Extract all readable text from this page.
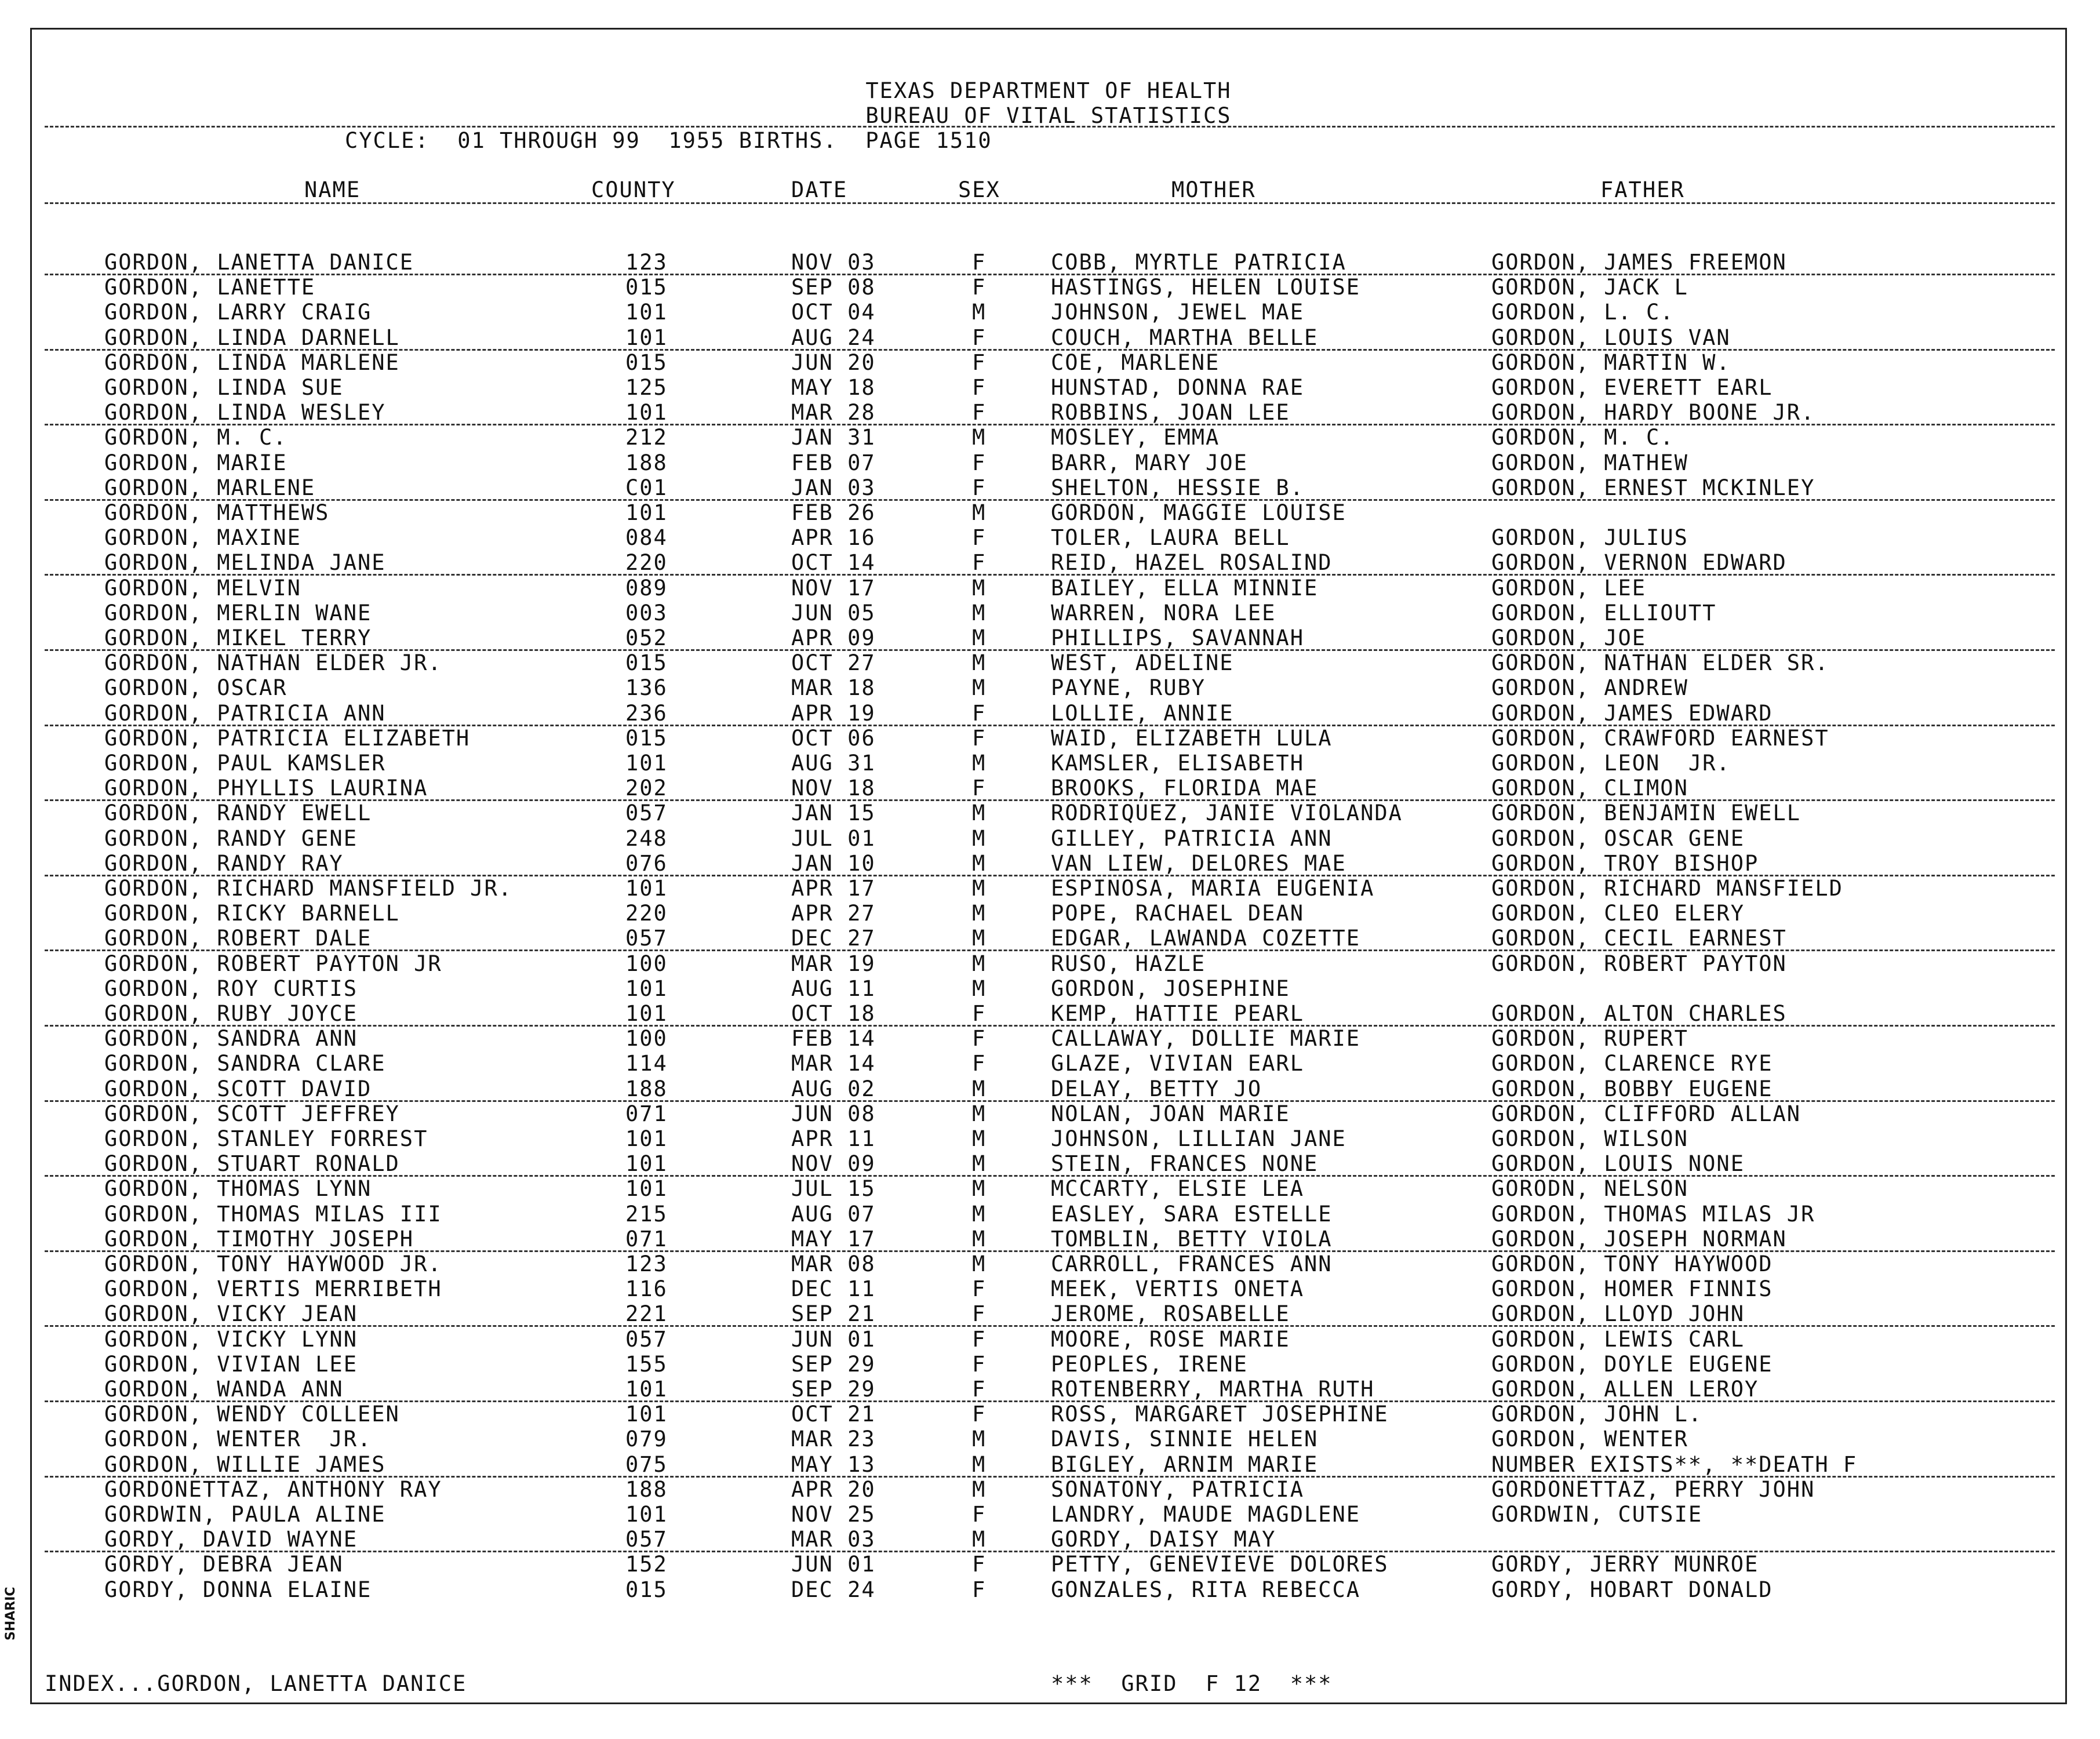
TEXAS DEPARTMENT OF HEALTH
BUREAU OF VITAL STATISTICS
CYCLE:  01 THROUGH 99  1955 BIRTHS.  PAGE 1510
NAME	COUNTY	DATE	SEX	MOTHER	FATHER
GORDON, LANETTA DANICE	123	NOV 03	F	COBB, MYRTLE PATRICIA	GORDON, JAMES FREEMON
GORDON, LANETTE	015	SEP 08	F	HASTINGS, HELEN LOUISE	GORDON, JACK L
GORDON, LARRY CRAIG	101	OCT 04	M	JOHNSON, JEWEL MAE	GORDON, L. C.
GORDON, LINDA DARNELL	101	AUG 24	F	COUCH, MARTHA BELLE	GORDON, LOUIS VAN
GORDON, LINDA MARLENE	015	JUN 20	F	COE, MARLENE	GORDON, MARTIN W.
GORDON, LINDA SUE	125	MAY 18	F	HUNSTAD, DONNA RAE	GORDON, EVERETT EARL
GORDON, LINDA WESLEY	101	MAR 28	F	ROBBINS, JOAN LEE	GORDON, HARDY BOONE JR.
GORDON, M. C.	212	JAN 31	M	MOSLEY, EMMA	GORDON, M. C.
GORDON, MARIE	188	FEB 07	F	BARR, MARY JOE	GORDON, MATHEW
GORDON, MARLENE	C01	JAN 03	F	SHELTON, HESSIE B.	GORDON, ERNEST MCKINLEY
GORDON, MATTHEWS	101	FEB 26	M	GORDON, MAGGIE LOUISE
GORDON, MAXINE	084	APR 16	F	TOLER, LAURA BELL	GORDON, JULIUS
GORDON, MELINDA JANE	220	OCT 14	F	REID, HAZEL ROSALIND	GORDON, VERNON EDWARD
GORDON, MELVIN	089	NOV 17	M	BAILEY, ELLA MINNIE	GORDON, LEE
GORDON, MERLIN WANE	003	JUN 05	M	WARREN, NORA LEE	GORDON, ELLIOUTT
GORDON, MIKEL TERRY	052	APR 09	M	PHILLIPS, SAVANNAH	GORDON, JOE
GORDON, NATHAN ELDER JR.	015	OCT 27	M	WEST, ADELINE	GORDON, NATHAN ELDER SR.
GORDON, OSCAR	136	MAR 18	M	PAYNE, RUBY	GORDON, ANDREW
GORDON, PATRICIA ANN	236	APR 19	F	LOLLIE, ANNIE	GORDON, JAMES EDWARD
GORDON, PATRICIA ELIZABETH	015	OCT 06	F	WAID, ELIZABETH LULA	GORDON, CRAWFORD EARNEST
GORDON, PAUL KAMSLER	101	AUG 31	M	KAMSLER, ELISABETH	GORDON, LEON  JR.
GORDON, PHYLLIS LAURINA	202	NOV 18	F	BROOKS, FLORIDA MAE	GORDON, CLIMON
GORDON, RANDY EWELL	057	JAN 15	M	RODRIQUEZ, JANIE VIOLANDA	GORDON, BENJAMIN EWELL
GORDON, RANDY GENE	248	JUL 01	M	GILLEY, PATRICIA ANN	GORDON, OSCAR GENE
GORDON, RANDY RAY	076	JAN 10	M	VAN LIEW, DELORES MAE	GORDON, TROY BISHOP
GORDON, RICHARD MANSFIELD JR.	101	APR 17	M	ESPINOSA, MARIA EUGENIA	GORDON, RICHARD MANSFIELD
GORDON, RICKY BARNELL	220	APR 27	M	POPE, RACHAEL DEAN	GORDON, CLEO ELERY
GORDON, ROBERT DALE	057	DEC 27	M	EDGAR, LAWANDA COZETTE	GORDON, CECIL EARNEST
GORDON, ROBERT PAYTON JR	100	MAR 19	M	RUSO, HAZLE	GORDON, ROBERT PAYTON
GORDON, ROY CURTIS	101	AUG 11	M	GORDON, JOSEPHINE
GORDON, RUBY JOYCE	101	OCT 18	F	KEMP, HATTIE PEARL	GORDON, ALTON CHARLES
GORDON, SANDRA ANN	100	FEB 14	F	CALLAWAY, DOLLIE MARIE	GORDON, RUPERT
GORDON, SANDRA CLARE	114	MAR 14	F	GLAZE, VIVIAN EARL	GORDON, CLARENCE RYE
GORDON, SCOTT DAVID	188	AUG 02	M	DELAY, BETTY JO	GORDON, BOBBY EUGENE
GORDON, SCOTT JEFFREY	071	JUN 08	M	NOLAN, JOAN MARIE	GORDON, CLIFFORD ALLAN
GORDON, STANLEY FORREST	101	APR 11	M	JOHNSON, LILLIAN JANE	GORDON, WILSON
GORDON, STUART RONALD	101	NOV 09	M	STEIN, FRANCES NONE	GORDON, LOUIS NONE
GORDON, THOMAS LYNN	101	JUL 15	M	MCCARTY, ELSIE LEA	GORODN, NELSON
GORDON, THOMAS MILAS III	215	AUG 07	M	EASLEY, SARA ESTELLE	GORDON, THOMAS MILAS JR
GORDON, TIMOTHY JOSEPH	071	MAY 17	M	TOMBLIN, BETTY VIOLA	GORDON, JOSEPH NORMAN
GORDON, TONY HAYWOOD JR.	123	MAR 08	M	CARROLL, FRANCES ANN	GORDON, TONY HAYWOOD
GORDON, VERTIS MERRIBETH	116	DEC 11	F	MEEK, VERTIS ONETA	GORDON, HOMER FINNIS
GORDON, VICKY JEAN	221	SEP 21	F	JEROME, ROSABELLE	GORDON, LLOYD JOHN
GORDON, VICKY LYNN	057	JUN 01	F	MOORE, ROSE MARIE	GORDON, LEWIS CARL
GORDON, VIVIAN LEE	155	SEP 29	F	PEOPLES, IRENE	GORDON, DOYLE EUGENE
GORDON, WANDA ANN	101	SEP 29	F	ROTENBERRY, MARTHA RUTH	GORDON, ALLEN LEROY
GORDON, WENDY COLLEEN	101	OCT 21	F	ROSS, MARGARET JOSEPHINE	GORDON, JOHN L.
GORDON, WENTER  JR.	079	MAR 23	M	DAVIS, SINNIE HELEN	GORDON, WENTER
GORDON, WILLIE JAMES	075	MAY 13	M	BIGLEY, ARNIM MARIE	NUMBER EXISTS**, **DEATH F
GORDONETTAZ, ANTHONY RAY	188	APR 20	M	SONATONY, PATRICIA	GORDONETTAZ, PERRY JOHN
GORDWIN, PAULA ALINE	101	NOV 25	F	LANDRY, MAUDE MAGDLENE	GORDWIN, CUTSIE
GORDY, DAVID WAYNE	057	MAR 03	M	GORDY, DAISY MAY
GORDY, DEBRA JEAN	152	JUN 01	F	PETTY, GENEVIEVE DOLORES	GORDY, JERRY MUNROE
GORDY, DONNA ELAINE	015	DEC 24	F	GONZALES, RITA REBECCA	GORDY, HOBART DONALD
INDEX...GORDON, LANETTA DANICE	***  GRID  F 12  ***
SHARIC
